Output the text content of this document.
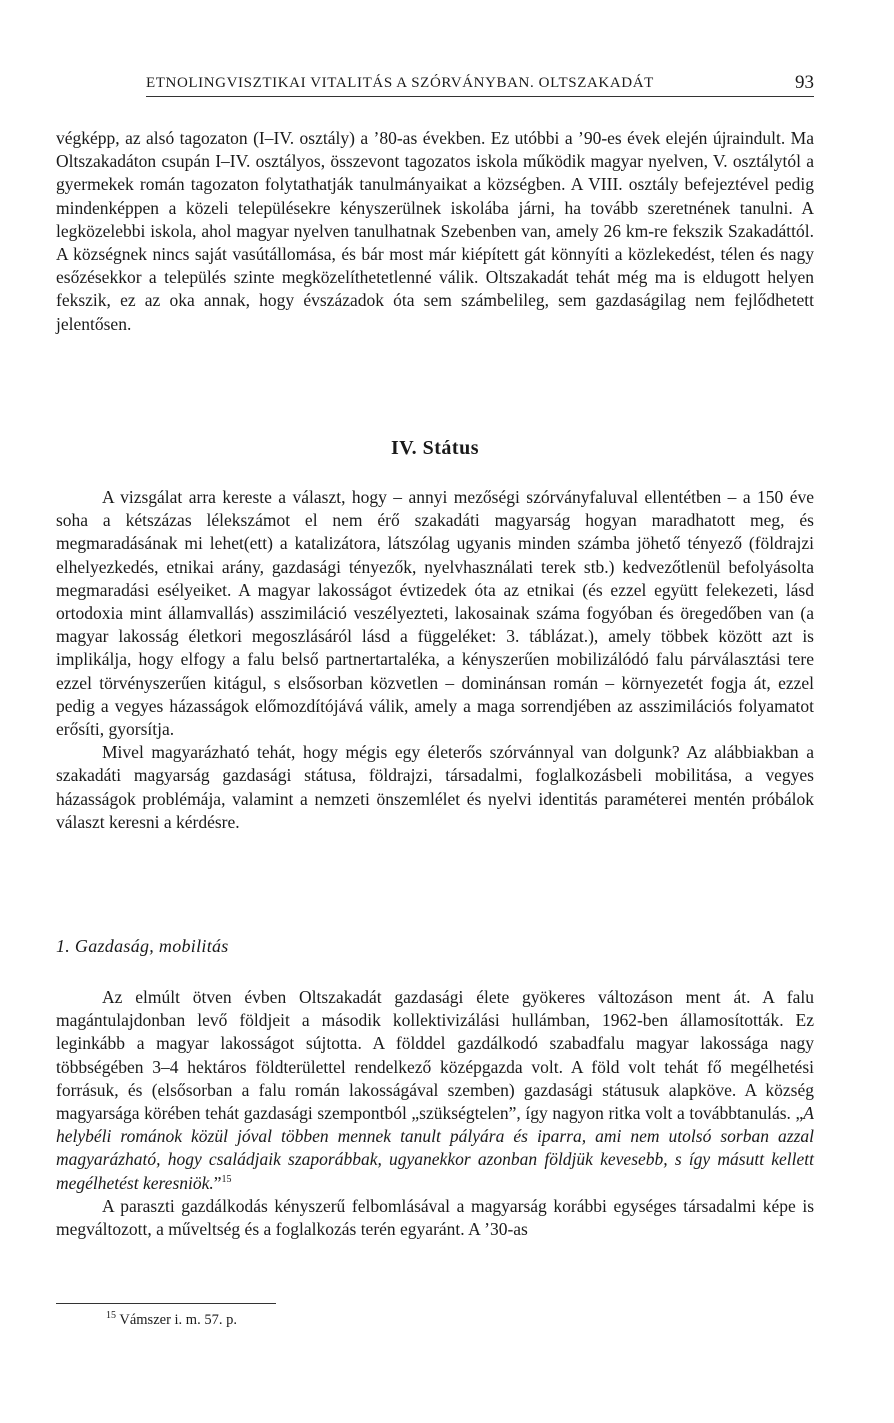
ETNOLINGVISZTIKAI VITALITÁS A SZÓRVÁNYBAN. OLTSZAKADÁT	93

végképp, az alsó tagozaton (I–IV. osztály) a ’80-as években. Ez utóbbi a ’90-es évek elején újraindult. Ma Oltszakadáton csupán I–IV. osztályos, összevont tagozatos iskola működik magyar nyelven, V. osztálytól a gyermekek román tagozaton folytathatják tanulmányaikat a községben. A VIII. osztály befejeztével pedig mindenképpen a közeli településekre kényszerülnek iskolába járni, ha tovább szeretnének tanulni. A legközelebbi iskola, ahol magyar nyelven tanulhatnak Szebenben van, amely 26 km-re fekszik Szakadáttól. A községnek nincs saját vasútállomása, és bár most már kiépített gát könnyíti a közlekedést, télen és nagy esőzésekkor a település szinte megközelíthetetlenné válik. Oltszakadát tehát még ma is eldugott helyen fekszik, ez az oka annak, hogy évszázadok óta sem számbelileg, sem gazdaságilag nem fejlődhetett jelentősen.

IV. Státus

A vizsgálat arra kereste a választ, hogy – annyi mezőségi szórványfaluval ellentétben – a 150 éve soha a kétszázas lélekszámot el nem érő szakadáti magyarság hogyan maradhatott meg, és megmaradásának mi lehet(ett) a katalizátora, látszólag ugyanis minden számba jöhető tényező (földrajzi elhelyezkedés, etnikai arány, gazdasági tényezők, nyelvhasználati terek stb.) kedvezőtlenül befolyásolta megmaradási esélyeiket. A magyar lakosságot évtizedek óta az etnikai (és ezzel együtt felekezeti, lásd ortodoxia mint államvallás) asszimiláció veszélyezteti, lakosainak száma fogyóban és öregedőben van (a magyar lakosság életkori megoszlásáról lásd a függeléket: 3. táblázat.), amely többek között azt is implikálja, hogy elfogy a falu belső partnertartaléka, a kényszerűen mobilizálódó falu párválasztási tere ezzel törvényszerűen kitágul, s elsősorban közvetlen – dominánsan román – környezetét fogja át, ezzel pedig a vegyes házasságok előmozdítójává válik, amely a maga sorrendjében az asszimilációs folyamatot erősíti, gyorsítja.

Mivel magyarázható tehát, hogy mégis egy életerős szórvánnyal van dolgunk? Az alábbiakban a szakadáti magyarság gazdasági státusa, földrajzi, társadalmi, foglalkozásbeli mobilitása, a vegyes házasságok problémája, valamint a nemzeti önszemlélet és nyelvi identitás paraméterei mentén próbálok választ keresni a kérdésre.

1. Gazdaság, mobilitás

Az elmúlt ötven évben Oltszakadát gazdasági élete gyökeres változáson ment át. A falu magántulajdonban levő földjeit a második kollektivizálási hullámban, 1962-ben államosították. Ez leginkább a magyar lakosságot sújtotta. A földdel gazdálkodó szabadfalu magyar lakossága nagy többségében 3–4 hektáros földterülettel rendelkező középgazda volt. A föld volt tehát fő megélhetési forrásuk, és (elsősorban a falu román lakosságával szemben) gazdasági státusuk alapköve. A község magyarsága körében tehát gazdasági szempontból „szükségtelen”, így nagyon ritka volt a továbbtanulás. „A helybéli románok közül jóval többen mennek tanult pályára és iparra, ami nem utolsó sorban azzal magyarázható, hogy családjaik szaporábbak, ugyanekkor azonban földjük kevesebb, s így másutt kellett megélhetést keresniök.”$^{15}$

A paraszti gazdálkodás kényszerű felbomlásával a magyarság korábbi egységes társadalmi képe is megváltozott, a műveltség és a foglalkozás terén egyaránt. A ’30-as

$^{15}$ Vámszer i. m. 57. p.
